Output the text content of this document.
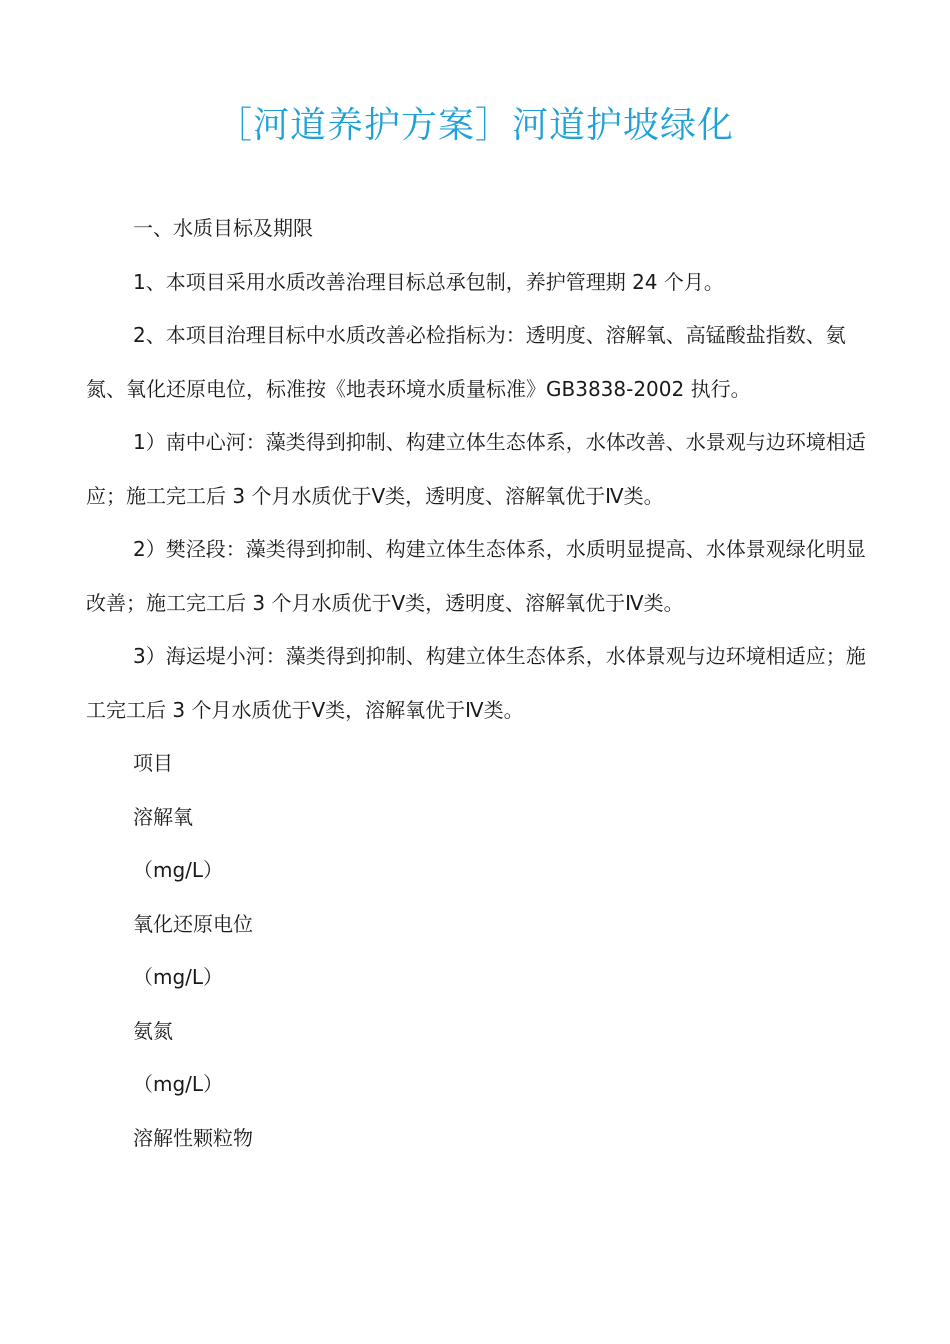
［河道养护方案］河道护坡绿化

一、水质目标及期限

1、本项目采用水质改善治理目标总承包制，养护管理期 24 个月。

2、本项目治理目标中水质改善必检指标为：透明度、溶解氧、高锰酸盐指数、氨氮、氧化还原电位，标准按《地表环境水质量标准》GB3838-2002 执行。

1）南中心河：藻类得到抑制、构建立体生态体系，水体改善、水景观与边环境相适应；施工完工后 3 个月水质优于Ⅴ类，透明度、溶解氧优于Ⅳ类。

2）樊泾段：藻类得到抑制、构建立体生态体系，水质明显提高、水体景观绿化明显改善；施工完工后 3 个月水质优于Ⅴ类，透明度、溶解氧优于Ⅳ类。

3）海运堤小河：藻类得到抑制、构建立体生态体系，水体景观与边环境相适应；施工完工后 3 个月水质优于Ⅴ类，溶解氧优于Ⅳ类。

项目

溶解氧

（mg/L）

氧化还原电位

（mg/L）

氨氮

（mg/L）

溶解性颗粒物
